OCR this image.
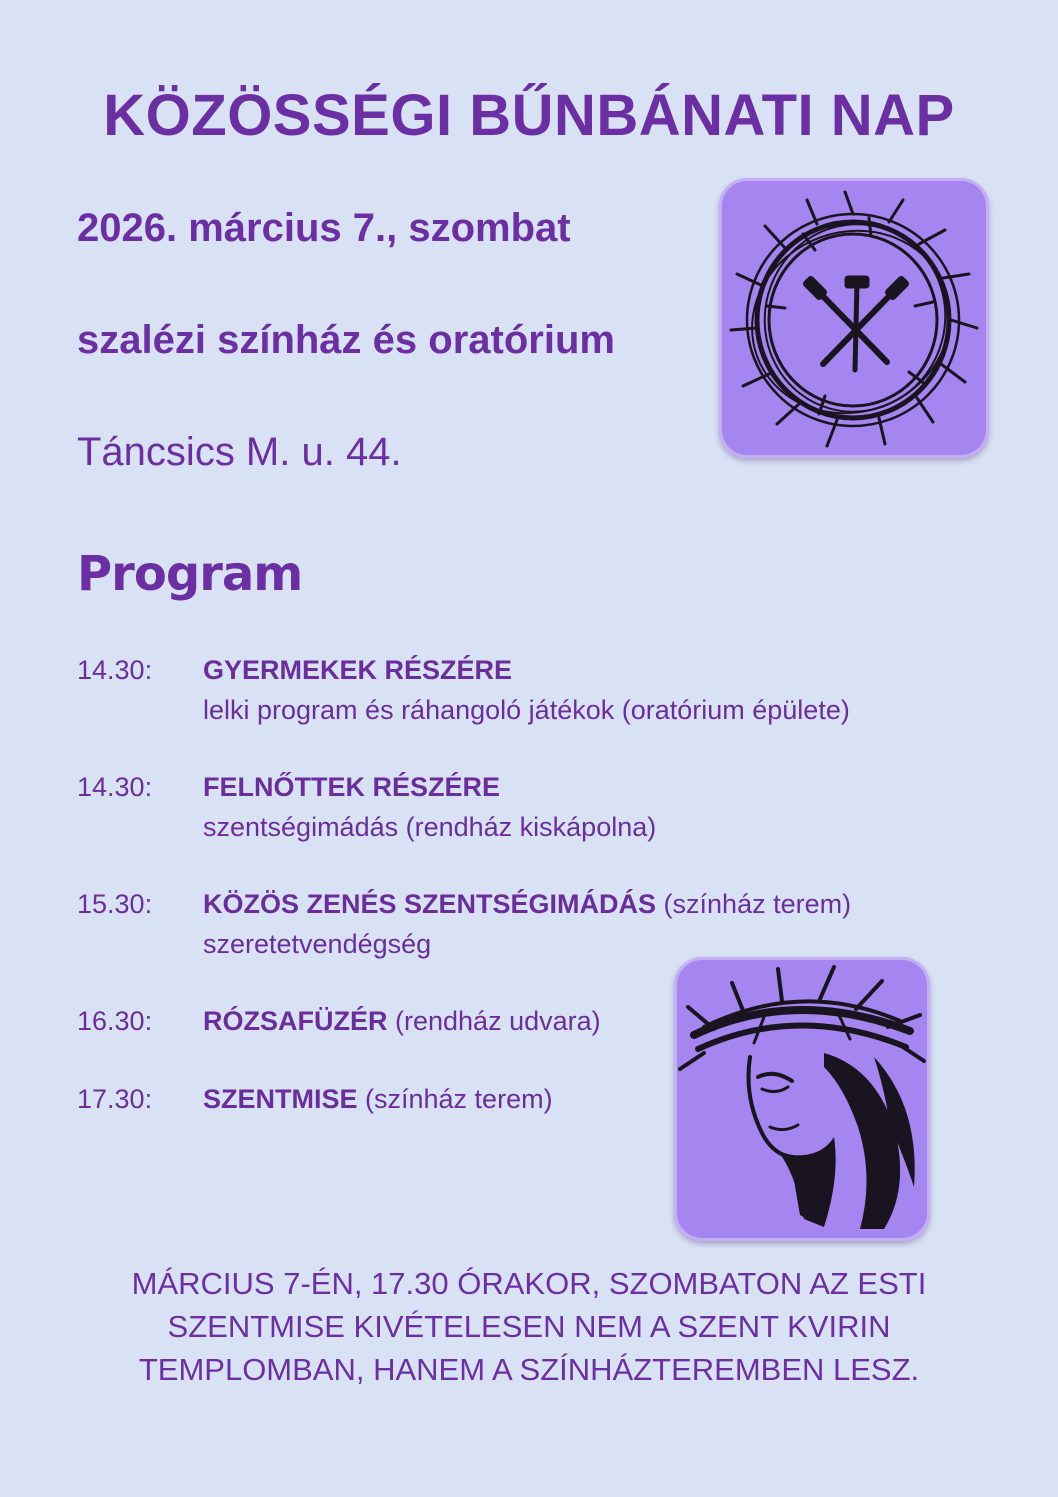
KÖZÖSSÉGI BŰNBÁNATI NAP

2026. március 7., szombat

szalézi színház és oratórium

Táncsics M. u. 44.

Program
14.30:	GYERMEKEK RÉSZÉRE
lelki program és ráhangoló játékok (oratórium épülete)
14.30:	FELNŐTTEK RÉSZÉRE
szentségimádás (rendház kiskápolna)
15.30:	KÖZÖS ZENÉS SZENTSÉGIMÁDÁS (színház terem)
szeretetvendégség
16.30:	RÓZSAFÜZÉR (rendház udvara)
17.30:	SZENTMISE (színház terem)

MÁRCIUS 7-ÉN, 17.30 ÓRAKOR, SZOMBATON AZ ESTI
SZENTMISE KIVÉTELESEN NEM A SZENT KVIRIN
TEMPLOMBAN, HANEM A SZÍNHÁZTEREMBEN LESZ.
